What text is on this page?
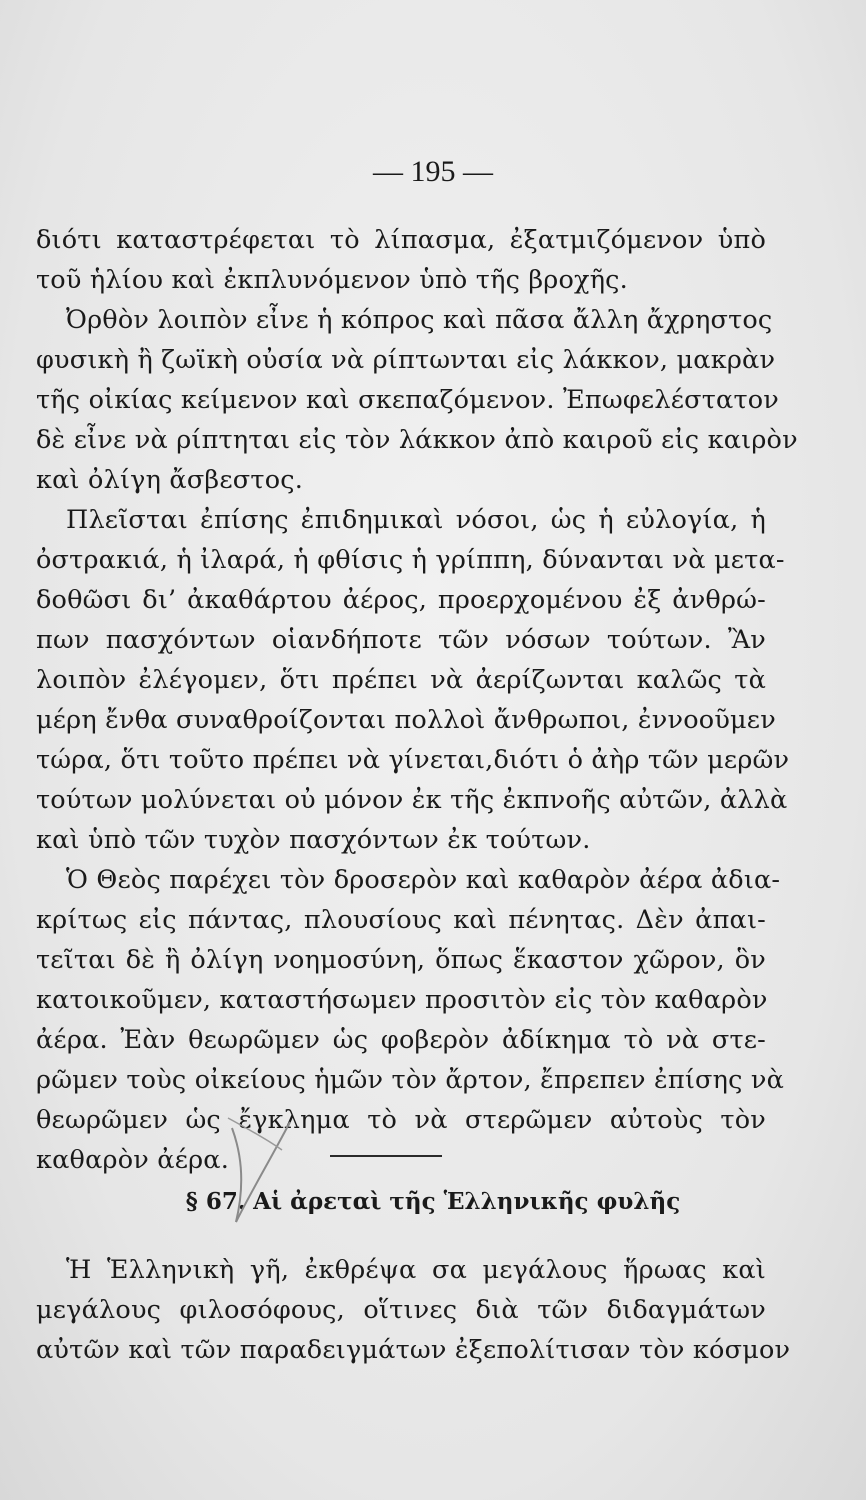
— 195 —
διότι καταστρέφεται τὸ λίπασμα, ἐξατμιζόμενον ὑπὸ
τοῦ ἡλίου καὶ ἐκπλυνόμενον ὑπὸ τῆς βροχῆς.
Ὀρθὸν λοιπὸν εἶνε ἡ κόπρος καὶ πᾶσα ἄλλη ἄχρηστος
φυσικὴ ἢ ζωϊκὴ οὐσία νὰ ρίπτωνται εἰς λάκκον, μακρὰν
τῆς οἰκίας κείμενον καὶ σκεπαζόμενον. Ἐπωφελέστατον
δὲ εἶνε νὰ ρίπτηται εἰς τὸν λάκκον ἀπὸ καιροῦ εἰς καιρὸν
καὶ ὀλίγη ἄσβεστος.
Πλεῖσται ἐπίσης ἐπιδημικαὶ νόσοι, ὡς ἡ εὐλογία, ἡ
ὀστρακιά, ἡ ἰλαρά, ἡ φθίσις ἡ γρίππη, δύνανται νὰ μετα-
δοθῶσι δι’ ἀκαθάρτου ἀέρος, προερχομένου ἐξ ἀνθρώ-
πων πασχόντων οἱανδήποτε τῶν νόσων τούτων. Ἂν
λοιπὸν ἐλέγομεν, ὅτι πρέπει νὰ ἀερίζωνται καλῶς τὰ
μέρη ἔνθα συναθροίζονται πολλοὶ ἄνθρωποι, ἐννοοῦμεν
τώρα, ὅτι τοῦτο πρέπει νὰ γίνεται,διότι ὁ ἀὴρ τῶν μερῶν
τούτων μολύνεται οὐ μόνον ἐκ τῆς ἐκπνοῆς αὐτῶν, ἀλλὰ
καὶ ὑπὸ τῶν τυχὸν πασχόντων ἐκ τούτων.
Ὁ Θεὸς παρέχει τὸν δροσερὸν καὶ καθαρὸν ἀέρα ἀδια-
κρίτως εἰς πάντας, πλουσίους καὶ πένητας. Δὲν ἀπαι-
τεῖται δὲ ἢ ὀλίγη νοημοσύνη, ὅπως ἕκαστον χῶρον, ὃν
κατοικοῦμεν, καταστήσωμεν προσιτὸν εἰς τὸν καθαρὸν
ἀέρα. Ἐὰν θεωρῶμεν ὡς φοβερὸν ἀδίκημα τὸ νὰ στε-
ρῶμεν τοὺς οἰκείους ἡμῶν τὸν ἄρτον, ἔπρεπεν ἐπίσης νὰ
θεωρῶμεν ὡς ἔγκλημα τὸ νὰ στερῶμεν αὐτοὺς τὸν
καθαρὸν ἀέρα.
§ 67. Αἱ ἀρεταὶ τῆς Ἑλληνικῆς φυλῆς
Ἡ Ἑλληνικὴ γῆ, ἐκθρέψα σα μεγάλους ἥρωας καὶ
μεγάλους φιλοσόφους, οἵτινες διὰ τῶν διδαγμάτων
αὐτῶν καὶ τῶν παραδειγμάτων ἐξεπολίτισαν τὸν κόσμον
